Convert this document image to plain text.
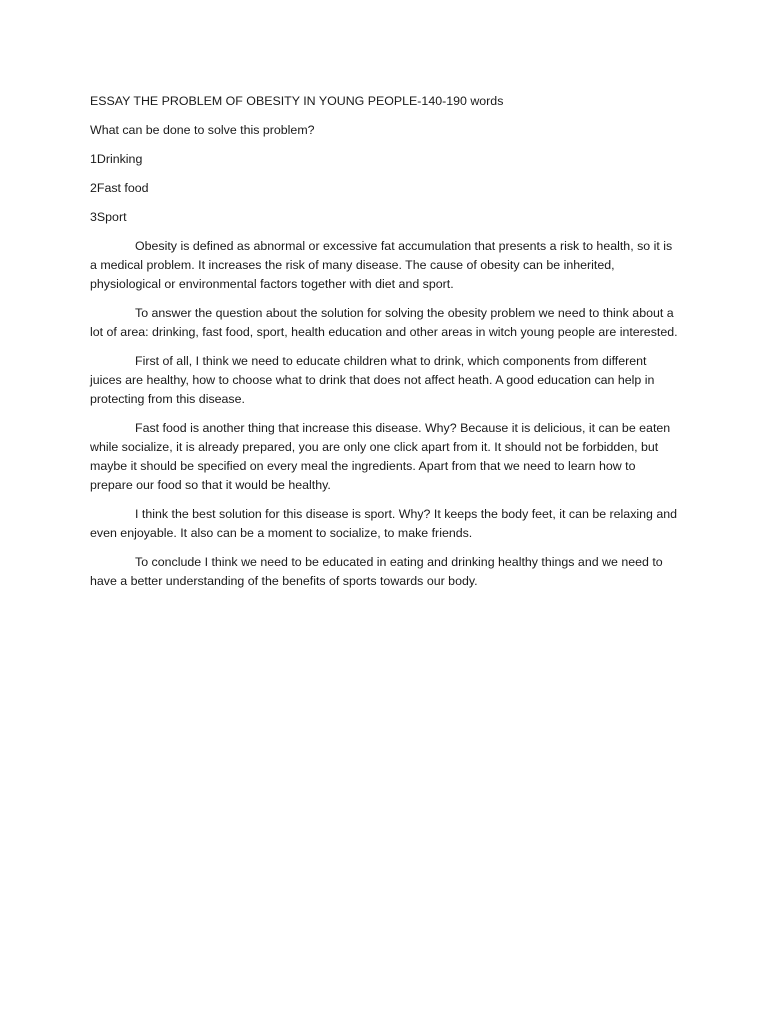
ESSAY THE PROBLEM OF OBESITY IN YOUNG PEOPLE-140-190 words

What can be done to solve this problem?

1Drinking

2Fast food

3Sport

Obesity is defined as abnormal or excessive fat accumulation that presents a risk to health, so it is a medical problem. It increases the risk of many disease. The cause of obesity can be inherited, physiological or environmental factors together with diet and sport.

To answer the question about the solution for solving the obesity problem we need to think about a lot of area: drinking, fast food, sport, health education and other areas in witch young people are interested.

First of all, I think we need to educate children what to drink, which components from different juices are healthy, how to choose what to drink that does not affect heath. A good education can help in protecting from this disease.

Fast food is another thing that increase this disease. Why? Because it is delicious, it can be eaten while socialize, it is already prepared, you are only one click apart from it. It should not be forbidden, but maybe it should be specified on every meal the ingredients. Apart from that we need to learn how to prepare our food so that it would be healthy.

I think the best solution for this disease is sport. Why? It keeps the body feet, it can be relaxing and even enjoyable. It also can be a moment to socialize, to make friends.

To conclude I think we need to be educated in eating and drinking healthy things and we need to have a better understanding of the benefits of sports towards our body.
